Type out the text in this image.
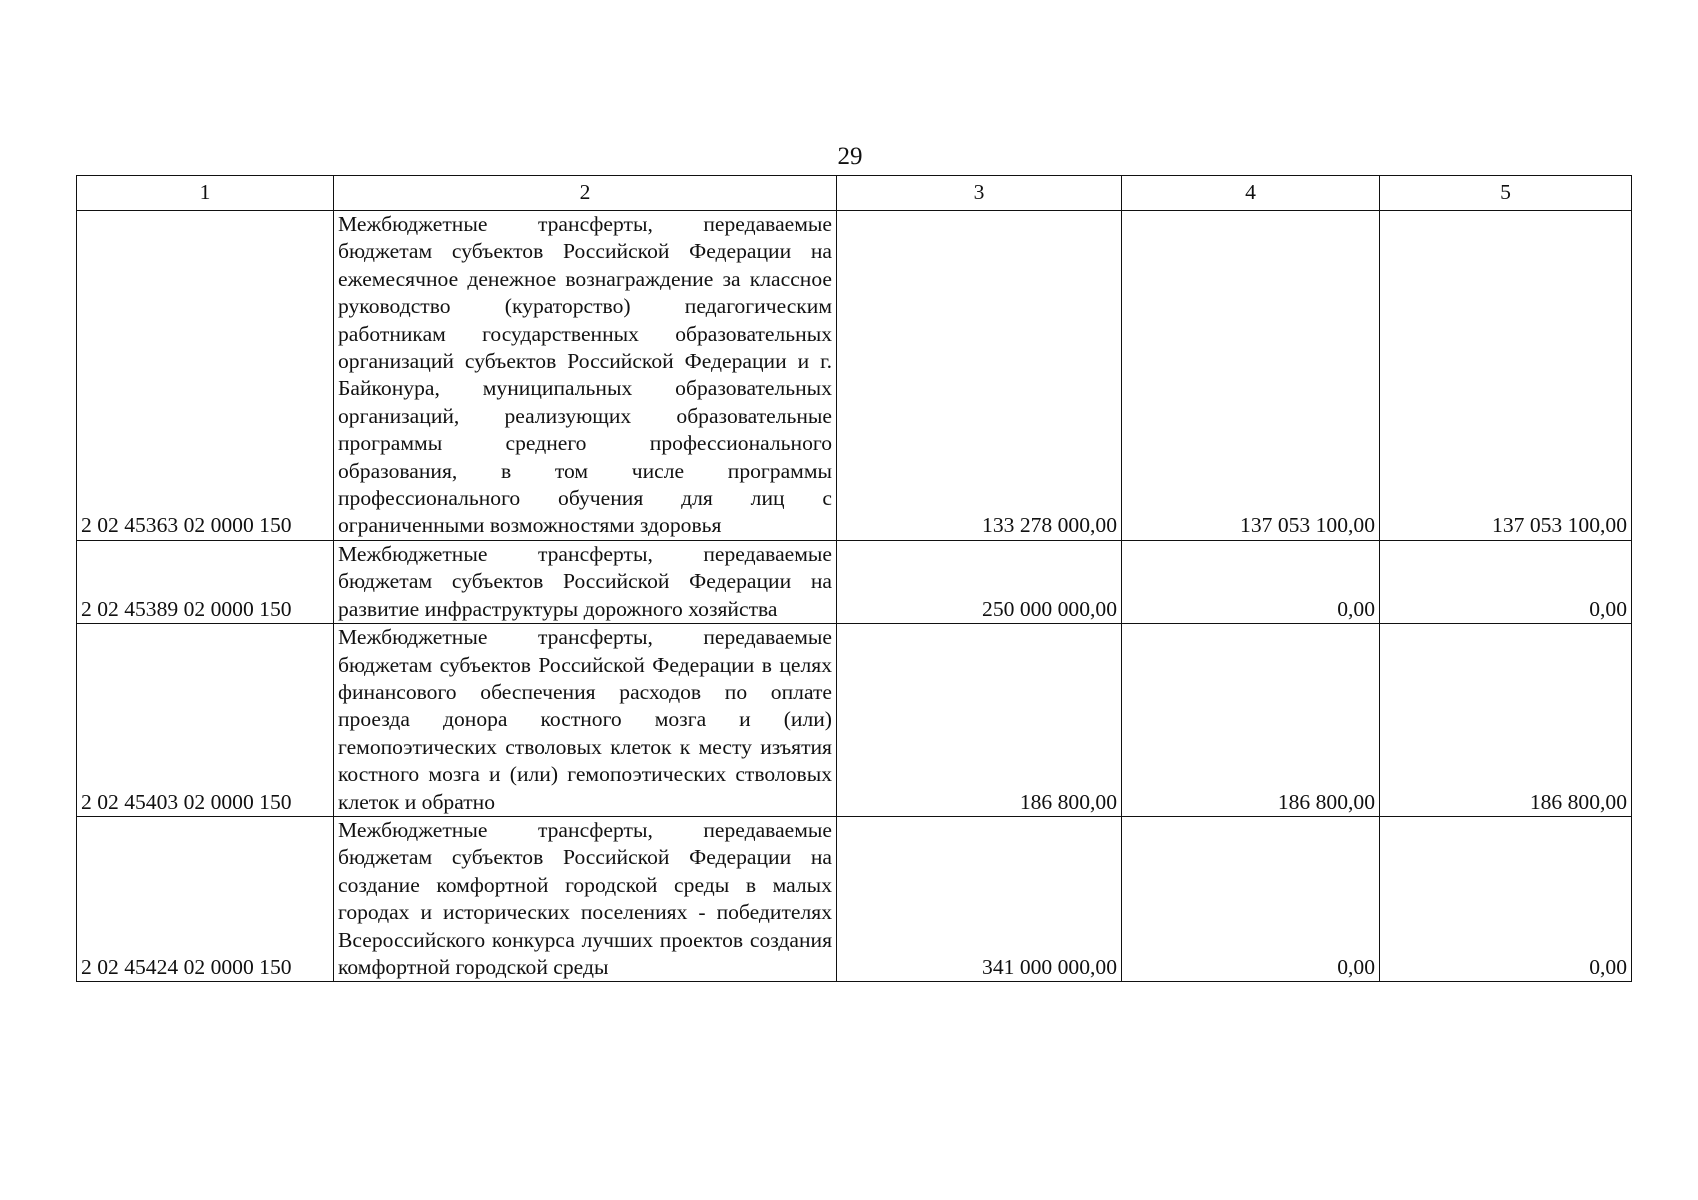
29
1	2	3	4	5
2 02 45363 02 0000 150	Межбюджетные трансферты, передаваемые бюджетам субъектов Российской Федерации на ежемесячное денежное вознаграждение за классное руководство (кураторство) педагогическим работникам государственных образовательных организаций субъектов Российской Федерации и г. Байконура, муниципальных образовательных организаций, реализующих образовательные программы среднего профессионального образования, в том числе программы профессионального обучения для лиц с ограниченными возможностями здоровья	133 278 000,00	137 053 100,00	137 053 100,00
2 02 45389 02 0000 150	Межбюджетные трансферты, передаваемые бюджетам субъектов Российской Федерации на развитие инфраструктуры дорожного хозяйства	250 000 000,00	0,00	0,00
2 02 45403 02 0000 150	Межбюджетные трансферты, передаваемые бюджетам субъектов Российской Федерации в целях финансового обеспечения расходов по оплате проезда донора костного мозга и (или) гемопоэтических стволовых клеток к месту изъятия костного мозга и (или) гемопоэтических стволовых клеток и обратно	186 800,00	186 800,00	186 800,00
2 02 45424 02 0000 150	Межбюджетные трансферты, передаваемые бюджетам субъектов Российской Федерации на создание комфортной городской среды в малых городах и исторических поселениях - победителях Всероссийского конкурса лучших проектов создания комфортной городской среды	341 000 000,00	0,00	0,00
